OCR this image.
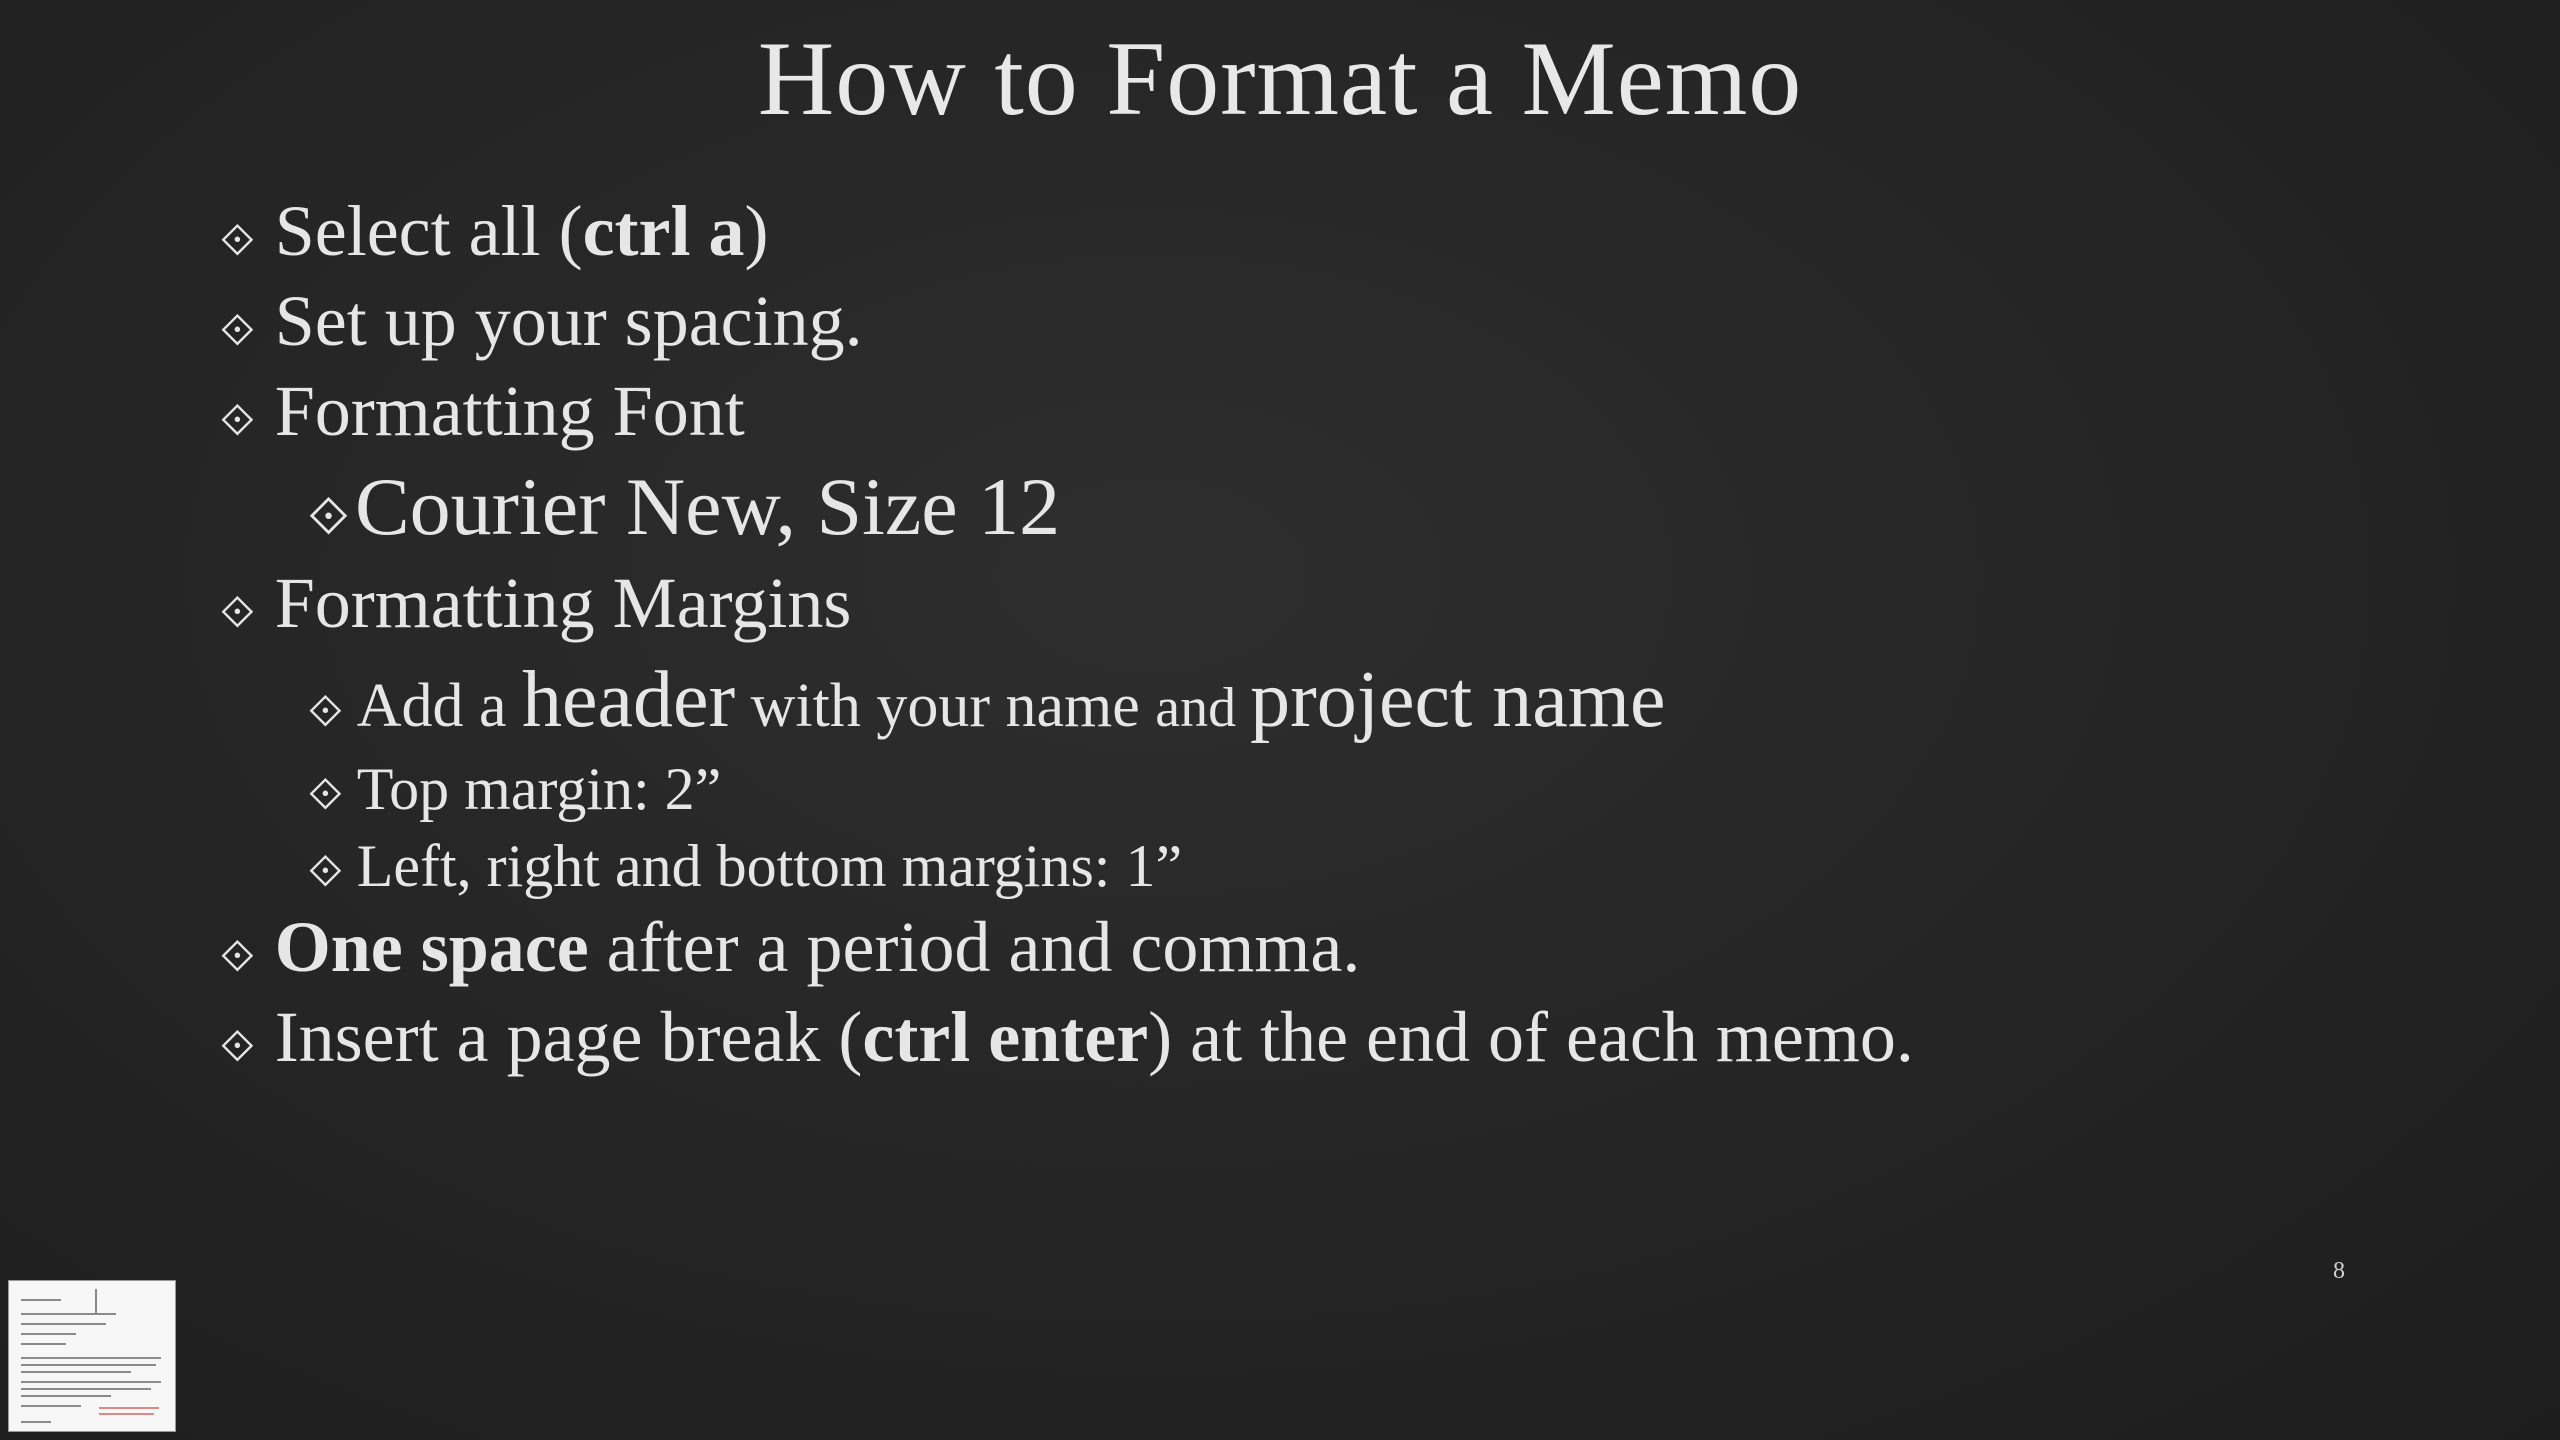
How to Format a Memo
⟐ Select all (ctrl a)
⟐ Set up your spacing.
⟐ Formatting Font
⟐ Courier New, Size 12
⟐ Formatting Margins
⟐ Add a header with your name and project name
⟐ Top margin: 2”
⟐ Left, right and bottom margins: 1”
⟐ One space after a period and comma.
⟐ Insert a page break (ctrl enter) at the end of each memo.
8
